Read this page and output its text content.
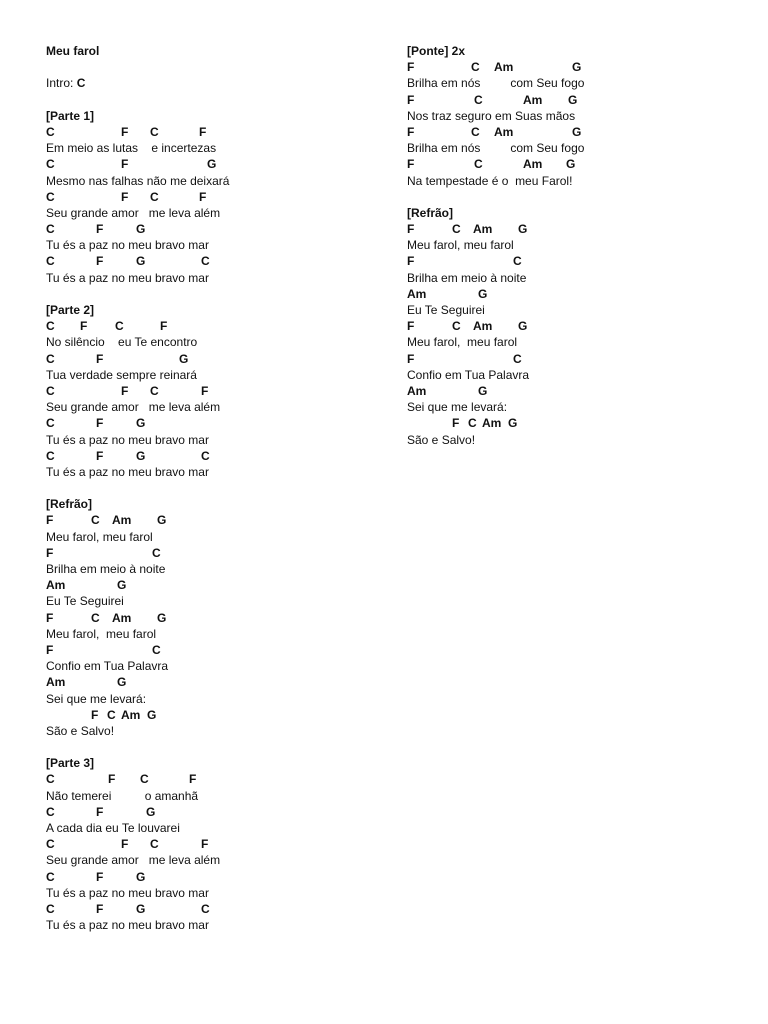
Meu farol
Intro: C
[Parte 1]
C	F C	F
Em meio as lutas    e incertezas
C	F	G
Mesmo nas falhas não me deixará
C	F C	F
Seu grande amor   me leva além
C	F	G
Tu és a paz no meu bravo mar
C	F	G	C
Tu és a paz no meu bravo mar
[Parte 2]
C F C	F
No silêncio    eu Te encontro
C	F	G
Tua verdade sempre reinará
C	F C	F
Seu grande amor   me leva além
C	F	G
Tu és a paz no meu bravo mar
C	F	G	C
Tu és a paz no meu bravo mar
[Refrão]
F	C Am G
Meu farol, meu farol
F	C
Brilha em meio à noite
Am	G
Eu Te Seguirei
F	C Am G
Meu farol,  meu farol
F	C
Confio em Tua Palavra
Am	G
Sei que me levará:
F C Am G
São e Salvo!
[Parte 3]
C	F C	F
Não temerei          o amanhã
C	F	G
A cada dia eu Te louvarei
C	F C	F
Seu grande amor   me leva além
C	F	G
Tu és a paz no meu bravo mar
C	F	G	C
Tu és a paz no meu bravo mar
[Ponte] 2x
F	C Am	G
Brilha em nós         com Seu fogo
F	C	Am G
Nos traz seguro em Suas mãos
F	C Am	G
Brilha em nós         com Seu fogo
F	C	Am G
Na tempestade é o  meu Farol!
[Refrão]
F	C Am G
Meu farol, meu farol
F	C
Brilha em meio à noite
Am	G
Eu Te Seguirei
F	C Am G
Meu farol,  meu farol
F	C
Confio em Tua Palavra
Am	G
Sei que me levará:
F C Am G
São e Salvo!
